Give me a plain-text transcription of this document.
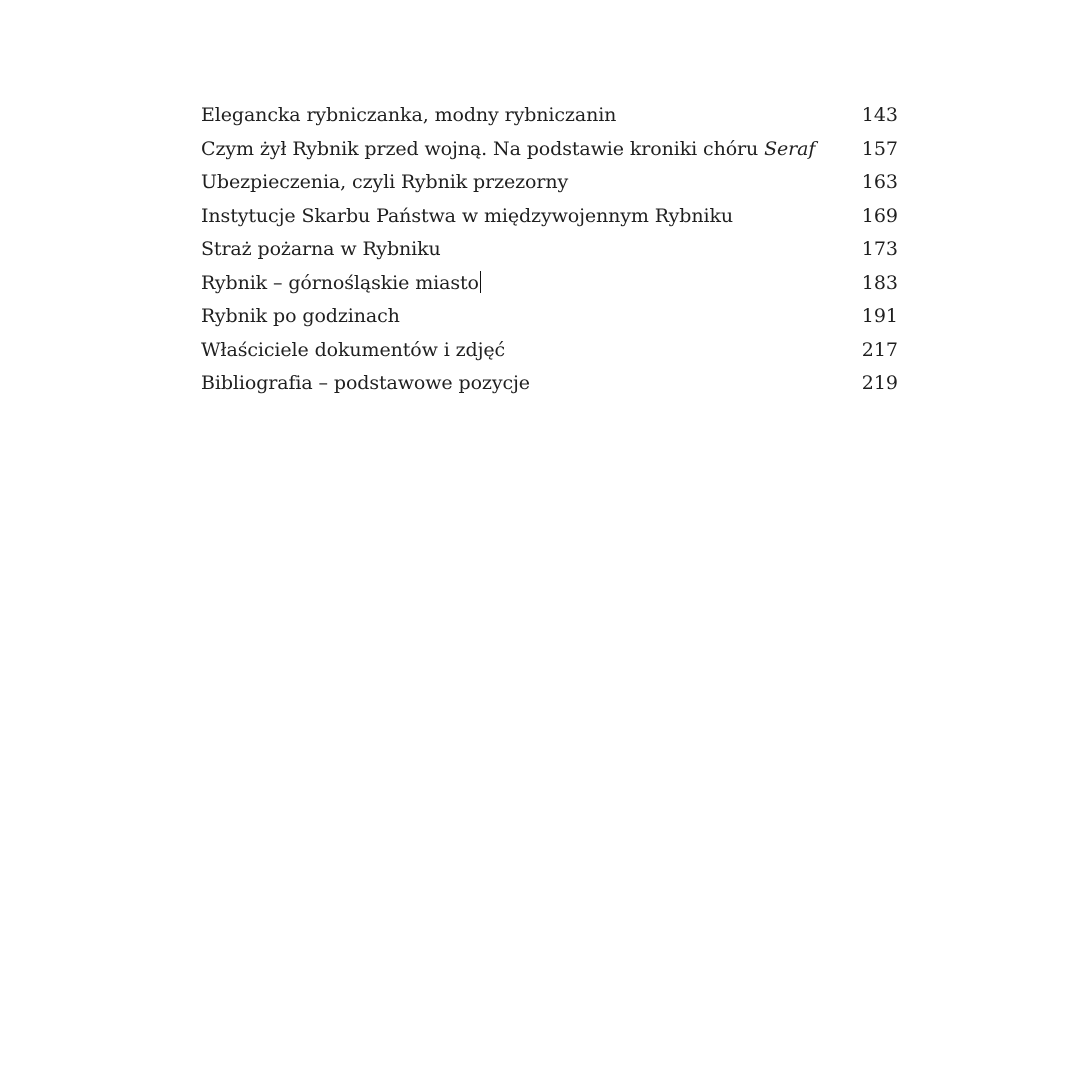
Elegancka rybniczanka, modny rybniczanin	143
Czym żył Rybnik przed wojną. Na podstawie kroniki chóru Seraf 157
Ubezpieczenia, czyli Rybnik przezorny	163
Instytucje Skarbu Państwa w międzywojennym Rybniku	169
Straż pożarna w Rybniku	173
Rybnik – górnośląskie miasto	183
Rybnik po godzinach	191
Właściciele dokumentów i zdjęć	217
Bibliografia – podstawowe pozycje	219
